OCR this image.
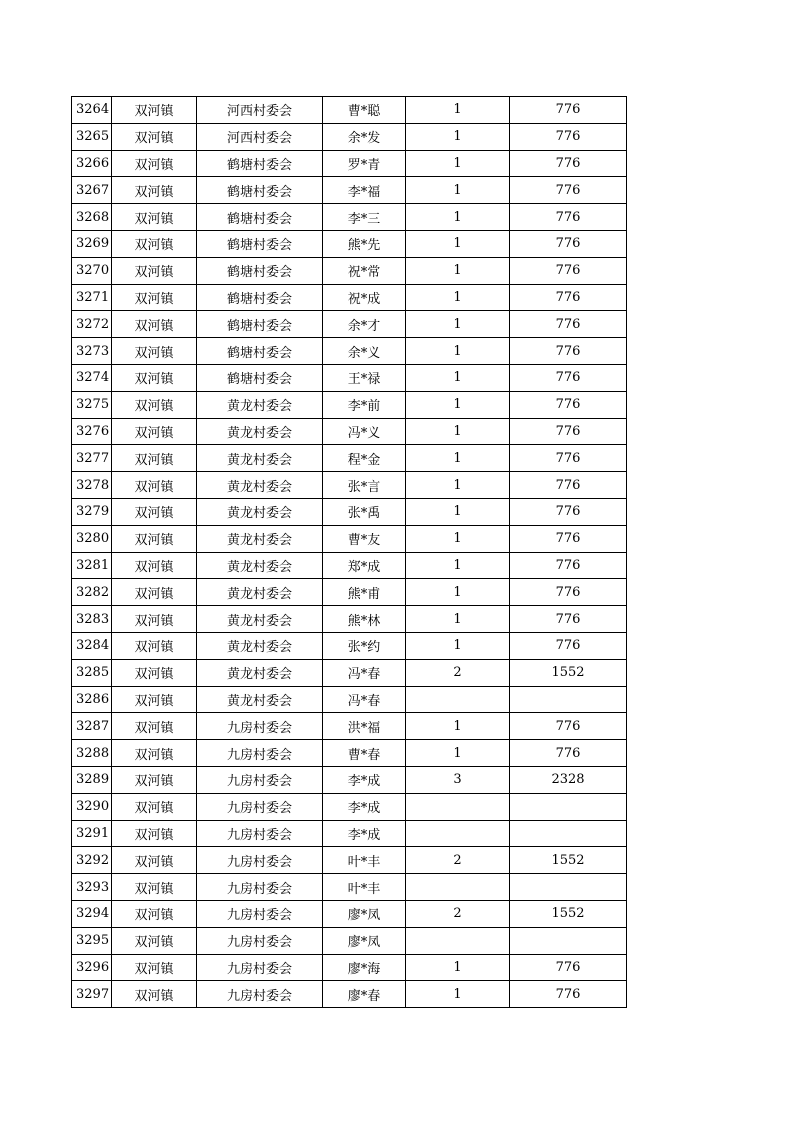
3264	双河镇	河西村委会	曹*聪	1	776
3265	双河镇	河西村委会	余*发	1	776
3266	双河镇	鹤塘村委会	罗*青	1	776
3267	双河镇	鹤塘村委会	李*福	1	776
3268	双河镇	鹤塘村委会	李*三	1	776
3269	双河镇	鹤塘村委会	熊*先	1	776
3270	双河镇	鹤塘村委会	祝*常	1	776
3271	双河镇	鹤塘村委会	祝*成	1	776
3272	双河镇	鹤塘村委会	余*才	1	776
3273	双河镇	鹤塘村委会	余*义	1	776
3274	双河镇	鹤塘村委会	王*禄	1	776
3275	双河镇	黄龙村委会	李*前	1	776
3276	双河镇	黄龙村委会	冯*义	1	776
3277	双河镇	黄龙村委会	程*金	1	776
3278	双河镇	黄龙村委会	张*言	1	776
3279	双河镇	黄龙村委会	张*禹	1	776
3280	双河镇	黄龙村委会	曹*友	1	776
3281	双河镇	黄龙村委会	郑*成	1	776
3282	双河镇	黄龙村委会	熊*甫	1	776
3283	双河镇	黄龙村委会	熊*林	1	776
3284	双河镇	黄龙村委会	张*约	1	776
3285	双河镇	黄龙村委会	冯*春	2	1552
3286	双河镇	黄龙村委会	冯*春		
3287	双河镇	九房村委会	洪*福	1	776
3288	双河镇	九房村委会	曹*春	1	776
3289	双河镇	九房村委会	李*成	3	2328
3290	双河镇	九房村委会	李*成		
3291	双河镇	九房村委会	李*成		
3292	双河镇	九房村委会	叶*丰	2	1552
3293	双河镇	九房村委会	叶*丰		
3294	双河镇	九房村委会	廖*凤	2	1552
3295	双河镇	九房村委会	廖*凤		
3296	双河镇	九房村委会	廖*海	1	776
3297	双河镇	九房村委会	廖*春	1	776
